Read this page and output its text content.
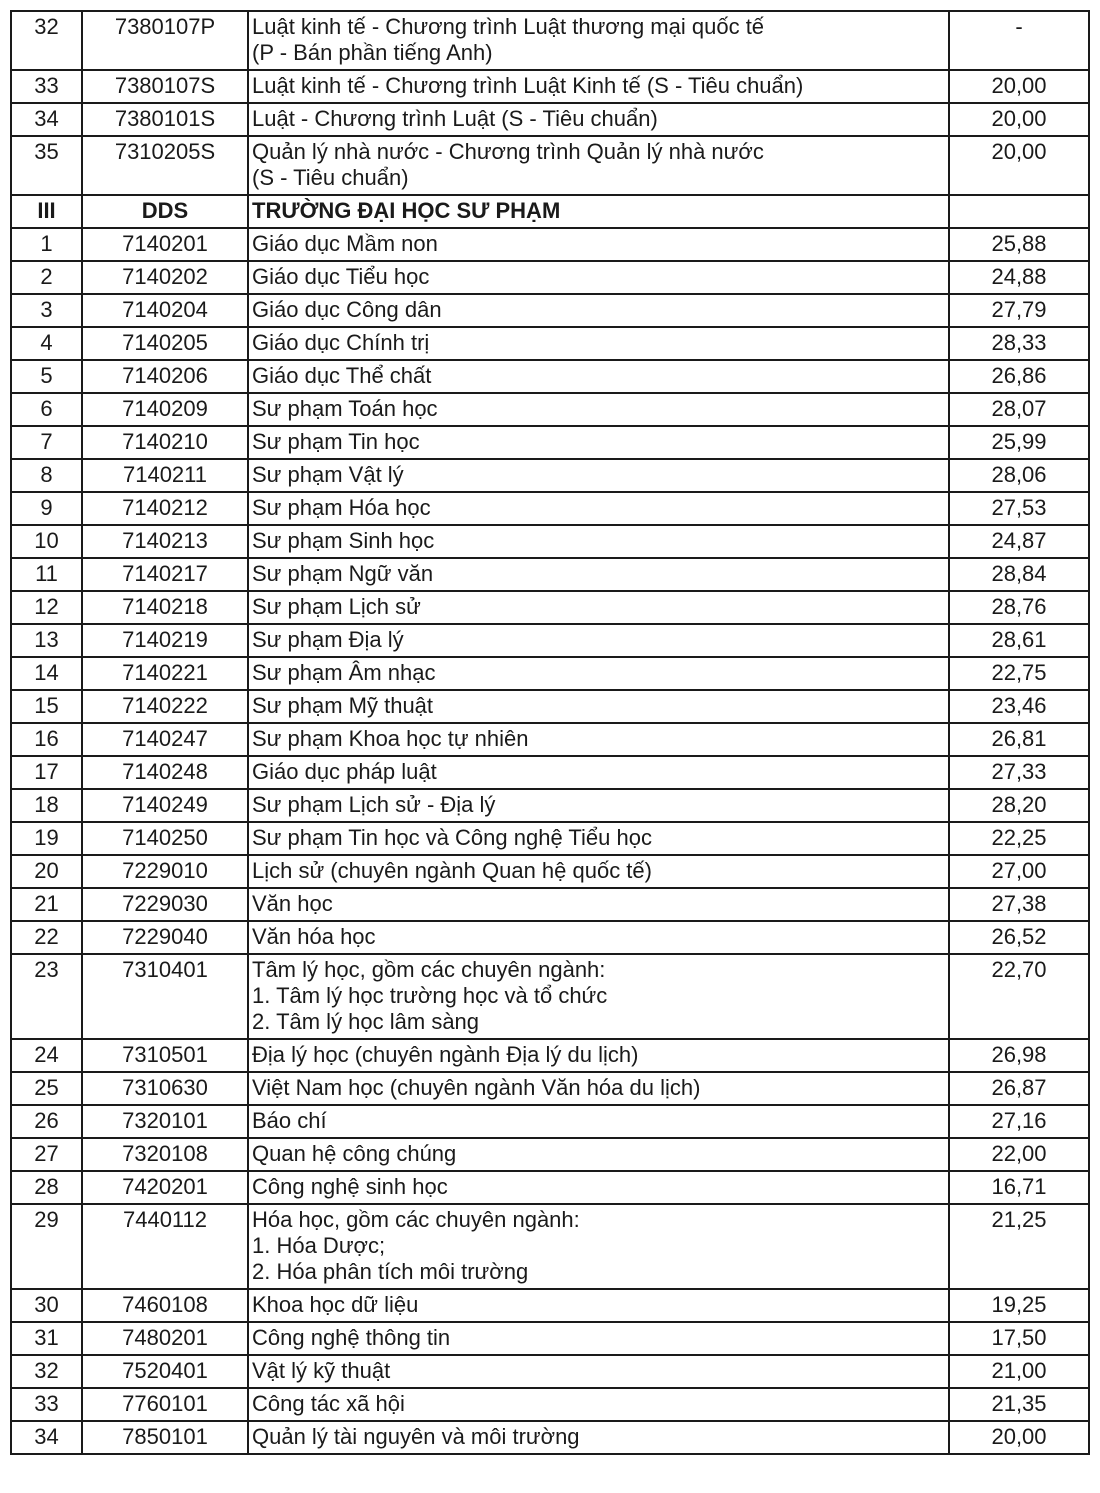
32	7380107P	Luật kinh tế - Chương trình Luật thương mại quốc tế
(P - Bán phần tiếng Anh)	-
33	7380107S	Luật kinh tế - Chương trình Luật Kinh tế (S - Tiêu chuẩn)	20,00
34	7380101S	Luật - Chương trình Luật (S - Tiêu chuẩn)	20,00
35	7310205S	Quản lý nhà nước - Chương trình Quản lý nhà nước
(S - Tiêu chuẩn)	20,00
III	DDS	TRƯỜNG ĐẠI HỌC SƯ PHẠM	

1	7140201	Giáo dục Mầm non	25,88
2	7140202	Giáo dục Tiểu học	24,88
3	7140204	Giáo dục Công dân	27,79
4	7140205	Giáo dục Chính trị	28,33
5	7140206	Giáo dục Thể chất	26,86
6	7140209	Sư phạm Toán học	28,07
7	7140210	Sư phạm Tin học	25,99
8	7140211	Sư phạm Vật lý	28,06
9	7140212	Sư phạm Hóa học	27,53
10	7140213	Sư phạm Sinh học	24,87
11	7140217	Sư phạm Ngữ văn	28,84
12	7140218	Sư phạm Lịch sử	28,76
13	7140219	Sư phạm Địa lý	28,61
14	7140221	Sư phạm Âm nhạc	22,75
15	7140222	Sư phạm Mỹ thuật	23,46
16	7140247	Sư phạm Khoa học tự nhiên	26,81
17	7140248	Giáo dục pháp luật	27,33
18	7140249	Sư phạm Lịch sử - Địa lý	28,20
19	7140250	Sư phạm Tin học và Công nghệ Tiểu học	22,25
20	7229010	Lịch sử (chuyên ngành Quan hệ quốc tế)	27,00
21	7229030	Văn học	27,38
22	7229040	Văn hóa học	26,52
23	7310401	Tâm lý học, gồm các chuyên ngành:
1. Tâm lý học trường học và tổ chức
2. Tâm lý học lâm sàng	22,70
24	7310501	Địa lý học (chuyên ngành Địa lý du lịch)	26,98
25	7310630	Việt Nam học (chuyên ngành Văn hóa du lịch)	26,87
26	7320101	Báo chí	27,16
27	7320108	Quan hệ công chúng	22,00
28	7420201	Công nghệ sinh học	16,71
29	7440112	Hóa học, gồm các chuyên ngành:
1. Hóa Dược;
2. Hóa phân tích môi trường	21,25
30	7460108	Khoa học dữ liệu	19,25
31	7480201	Công nghệ thông tin	17,50
32	7520401	Vật lý kỹ thuật	21,00
33	7760101	Công tác xã hội	21,35
34	7850101	Quản lý tài nguyên và môi trường	20,00
